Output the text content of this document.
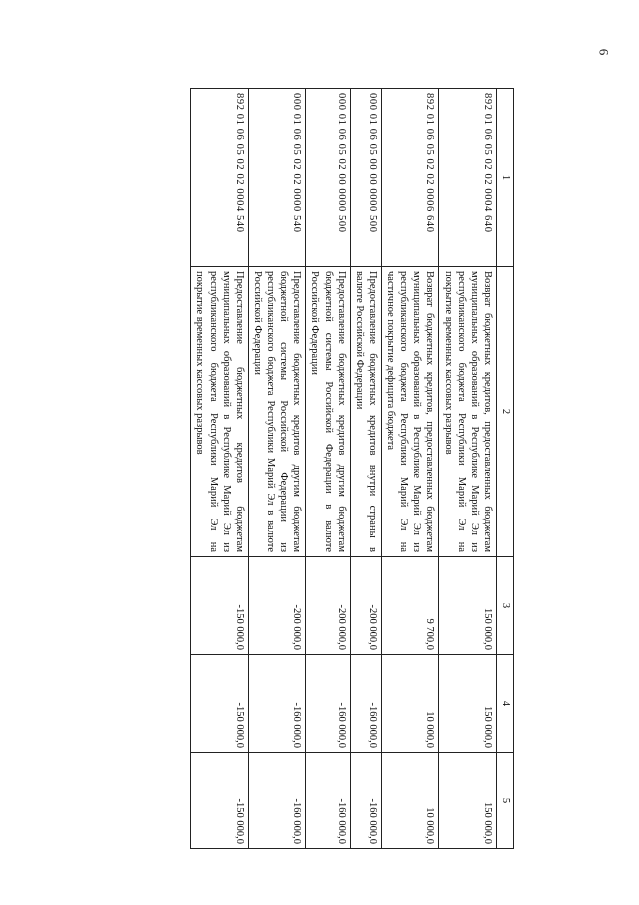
6
1	2	3	4	5
892 01 06 05 02 02 0004 640	Возврат бюджетных кредитов, предоставленных бюджетам муниципальных образований в Республике Марий Эл из республиканского бюджета Республики Марий Эл на покрытие временных кассовых разрывов	150 000,0	150 000,0	150 000,0
892 01 06 05 02 02 0006 640	Возврат бюджетных кредитов, предоставленных бюджетам муниципальных образований в Республике Марий Эл из республиканского бюджета Республики Марий Эл на частичное покрытие дефицита бюджета	9 700,0	10 000,0	10 000,0
000 01 06 05 00 00 0000 500	Предоставление бюджетных кредитов внутри страны в валюте Российской Федерации	-200 000,0	-160 000,0	-160 000,0
000 01 06 05 02 00 0000 500	Предоставление бюджетных кредитов другим бюджетам бюджетной системы Российской Федерации в валюте Российской Федерации	-200 000,0	-160 000,0	-160 000,0
000 01 06 05 02 02 0000 540	Предоставление бюджетных кредитов другим бюджетам бюджетной системы Российской Федерации из республиканского бюджета Республики Марий Эл в валюте Российской Федерации	-200 000,0	-160 000,0	-160 000,0
892 01 06 05 02 02 0004 540	Предоставление бюджетных кредитов бюджетам муниципальных образований в Республике Марий Эл из республиканского бюджета Республики Марий Эл на покрытие временных кассовых разрывов	-150 000,0	-150 000,0	-150 000,0
